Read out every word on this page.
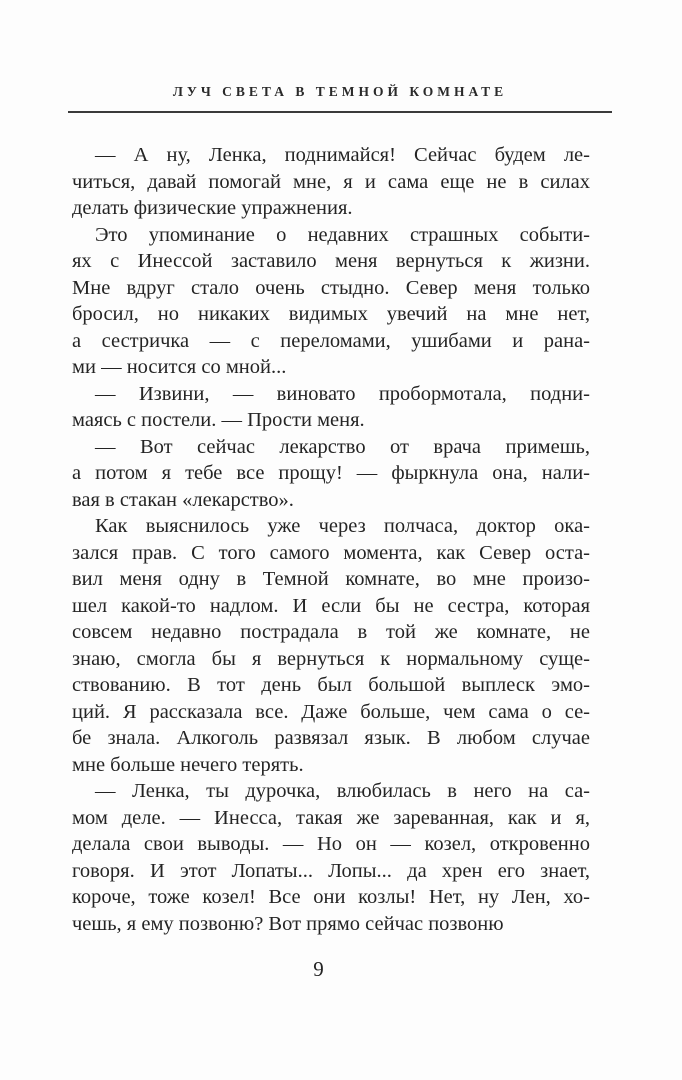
ЛУЧ СВЕТА В ТЕМНОЙ КОМНАТЕ
— А ну, Ленка, поднимайся! Сейчас будем ле-
читься, давай помогай мне, я и сама еще не в силах
делать физические упражнения.
Это упоминание о недавних страшных событи-
ях с Инессой заставило меня вернуться к жизни.
Мне вдруг стало очень стыдно. Север меня только
бросил, но никаких видимых увечий на мне нет,
а сестричка — с переломами, ушибами и рана-
ми — носится со мной...
— Извини, — виновато пробормотала, подни-
маясь с постели. — Прости меня.
— Вот сейчас лекарство от врача примешь,
а потом я тебе все прощу! — фыркнула она, нали-
вая в стакан «лекарство».
Как выяснилось уже через полчаса, доктор ока-
зался прав. С того самого момента, как Север оста-
вил меня одну в Темной комнате, во мне произо-
шел какой-то надлом. И если бы не сестра, которая
совсем недавно пострадала в той же комнате, не
знаю, смогла бы я вернуться к нормальному суще-
ствованию. В тот день был большой выплеск эмо-
ций. Я рассказала все. Даже больше, чем сама о се-
бе знала. Алкоголь развязал язык. В любом случае
мне больше нечего терять.
— Ленка, ты дурочка, влюбилась в него на са-
мом деле. — Инесса, такая же зареванная, как и я,
делала свои выводы. — Но он — козел, откровенно
говоря. И этот Лопаты... Лопы... да хрен его знает,
короче, тоже козел! Все они козлы! Нет, ну Лен, хо-
чешь, я ему позвоню? Вот прямо сейчас позвоню
9
